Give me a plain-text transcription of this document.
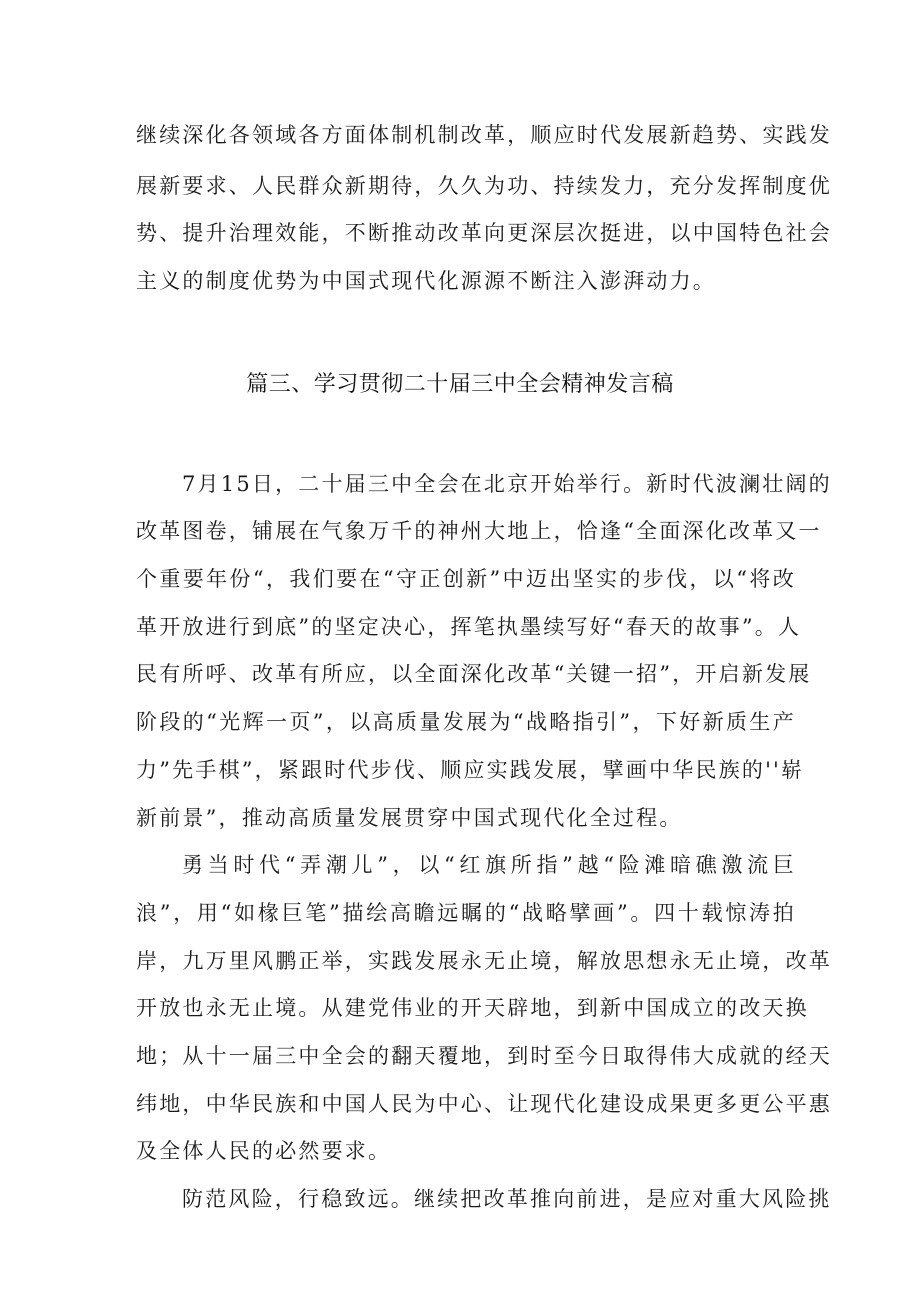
继续深化各领域各方面体制机制改革，顺应时代发展新趋势、实践发
展新要求、人民群众新期待，久久为功、持续发力，充分发挥制度优
势、提升治理效能，不断推动改革向更深层次挺进，以中国特色社会
主义的制度优势为中国式现代化源源不断注入澎湃动力。
篇三、学习贯彻二十届三中全会精神发言稿
7月15日，二十届三中全会在北京开始举行。新时代波澜壮阔的
改革图卷，铺展在气象万千的神州大地上，恰逢“全面深化改革又一
个重要年份“，我们要在“守正创新”中迈出坚实的步伐，以“将改
革开放进行到底”的坚定决心，挥笔执墨续写好“春天的故事”。人
民有所呼、改革有所应，以全面深化改革“关键一招”，开启新发展
阶段的“光辉一页”，以高质量发展为“战略指引”，下好新质生产
力”先手棋”，紧跟时代步伐、顺应实践发展，擘画中华民族的''崭
新前景”，推动高质量发展贯穿中国式现代化全过程。
勇当时代“弄潮儿”，以“红旗所指”越“险滩暗礁激流巨
浪”，用“如椽巨笔”描绘高瞻远瞩的“战略擘画”。四十载惊涛拍
岸，九万里风鹏正举，实践发展永无止境，解放思想永无止境，改革
开放也永无止境。从建党伟业的开天辟地，到新中国成立的改天换
地；从十一届三中全会的翻天覆地，到时至今日取得伟大成就的经天
纬地，中华民族和中国人民为中心、让现代化建设成果更多更公平惠
及全体人民的必然要求。
防范风险，行稳致远。继续把改革推向前进，是应对重大风险挑
